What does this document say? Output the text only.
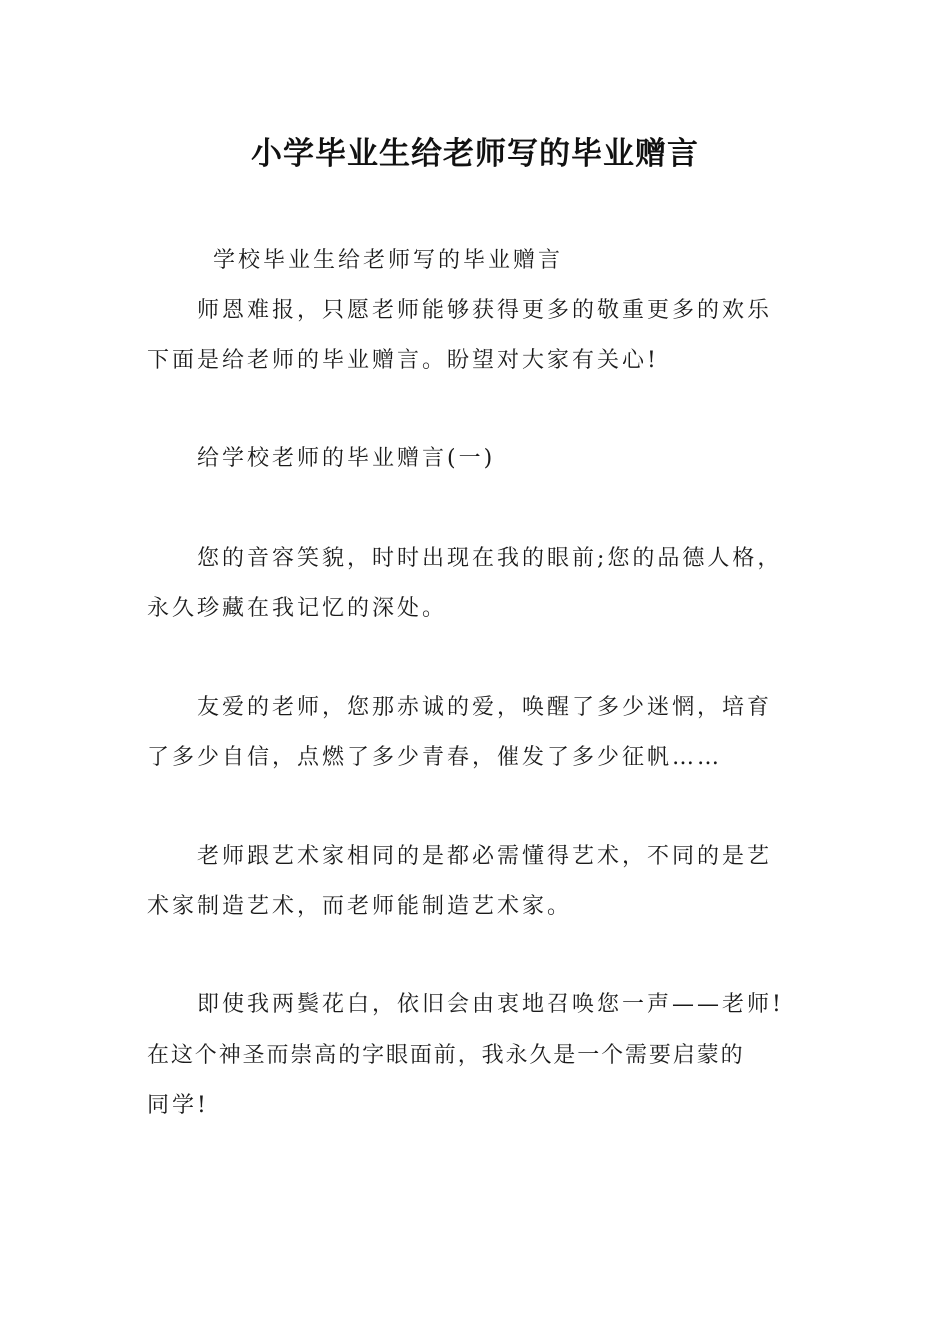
小学毕业生给老师写的毕业赠言

学校毕业生给老师写的毕业赠言

师恩难报，只愿老师能够获得更多的敬重更多的欢乐

下面是给老师的毕业赠言。盼望对大家有关心!

给学校老师的毕业赠言(一)

您的音容笑貌，时时出现在我的眼前;您的品德人格，

永久珍藏在我记忆的深处。

友爱的老师，您那赤诚的爱，唤醒了多少迷惘，培育

了多少自信，点燃了多少青春，催发了多少征帆……

老师跟艺术家相同的是都必需懂得艺术，不同的是艺

术家制造艺术，而老师能制造艺术家。

即使我两鬓花白，依旧会由衷地召唤您一声——老师!

在这个神圣而崇高的字眼面前，我永久是一个需要启蒙的

同学!
